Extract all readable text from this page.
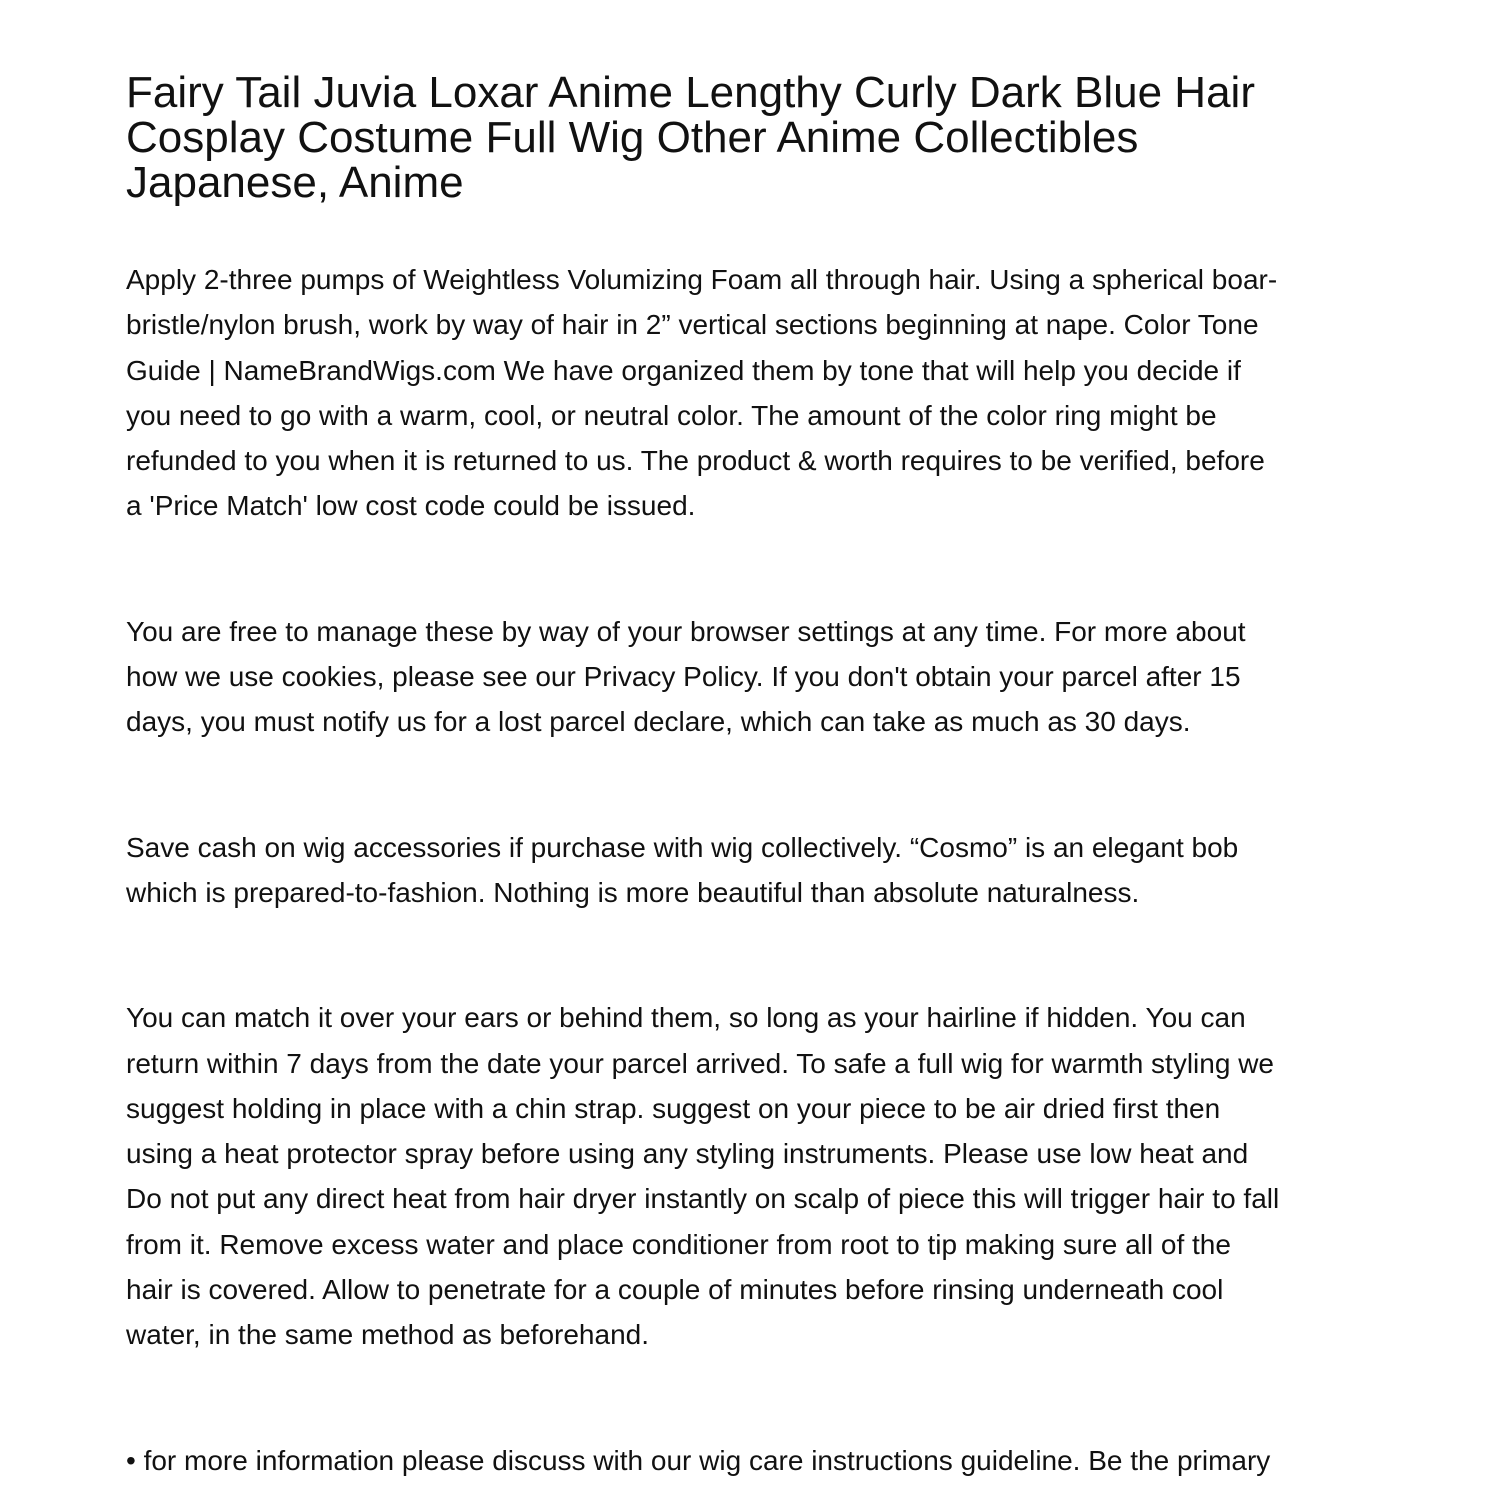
Fairy Tail Juvia Loxar Anime Lengthy Curly Dark Blue Hair
Cosplay Costume Full Wig Other Anime Collectibles
Japanese, Anime

Apply 2-three pumps of Weightless Volumizing Foam all through hair. Using a spherical boar-
bristle/nylon brush, work by way of hair in 2” vertical sections beginning at nape. Color Tone
Guide | NameBrandWigs.com We have organized them by tone that will help you decide if
you need to go with a warm, cool, or neutral color. The amount of the color ring might be
refunded to you when it is returned to us. The product & worth requires to be verified, before
a 'Price Match' low cost code could be issued.

You are free to manage these by way of your browser settings at any time. For more about
how we use cookies, please see our Privacy Policy. If you don't obtain your parcel after 15
days, you must notify us for a lost parcel declare, which can take as much as 30 days.

Save cash on wig accessories if purchase with wig collectively. “Cosmo” is an elegant bob
which is prepared-to-fashion. Nothing is more beautiful than absolute naturalness.

You can match it over your ears or behind them, so long as your hairline if hidden. You can
return within 7 days from the date your parcel arrived. To safe a full wig for warmth styling we
suggest holding in place with a chin strap. suggest on your piece to be air dried first then
using a heat protector spray before using any styling instruments. Please use low heat and
Do not put any direct heat from hair dryer instantly on scalp of piece this will trigger hair to fall
from it. Remove excess water and place conditioner from root to tip making sure all of the
hair is covered. Allow to penetrate for a couple of minutes before rinsing underneath cool
water, in the same method as beforehand.

• for more information please discuss with our wig care instructions guideline. Be the primary
